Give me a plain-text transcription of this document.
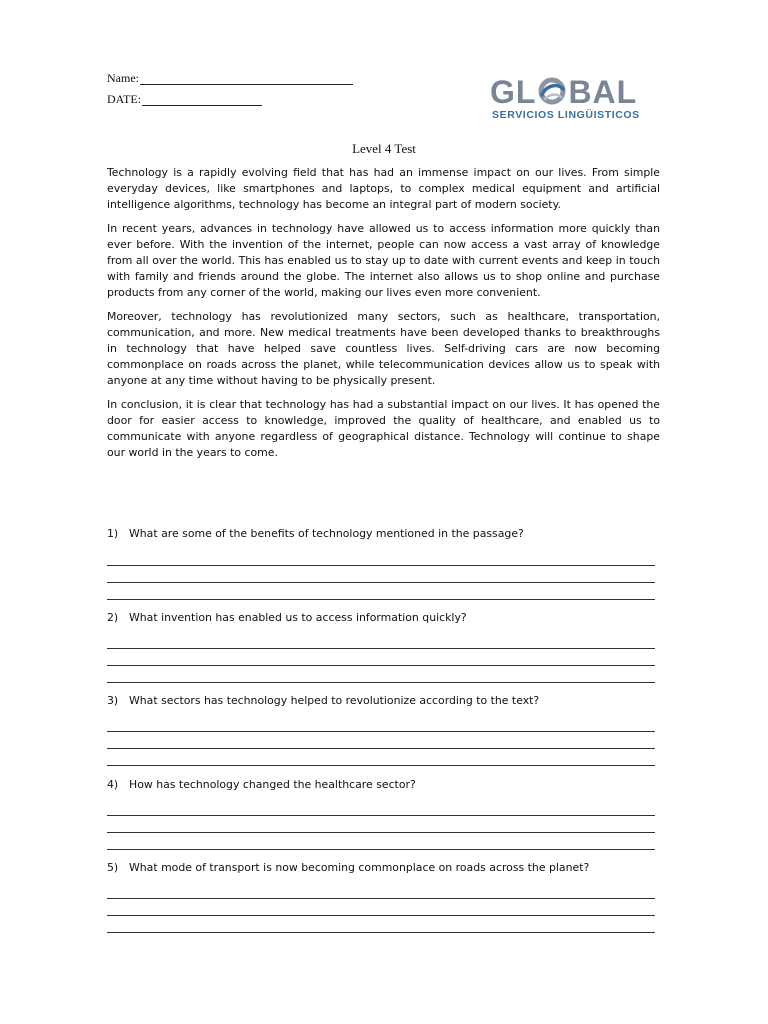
Name:
DATE:	GL BAL
SERVICIOS LINGÜISTICOS
Level 4 Test

Technology is a rapidly evolving field that has had an immense impact on our lives. From simple everyday devices, like smartphones and laptops, to complex medical equipment and artificial intelligence algorithms, technology has become an integral part of modern society.

In recent years, advances in technology have allowed us to access information more quickly than ever before. With the invention of the internet, people can now access a vast array of knowledge from all over the world. This has enabled us to stay up to date with current events and keep in touch with family and friends around the globe. The internet also allows us to shop online and purchase products from any corner of the world, making our lives even more convenient.

Moreover, technology has revolutionized many sectors, such as healthcare, transportation, communication, and more. New medical treatments have been developed thanks to breakthroughs in technology that have helped save countless lives. Self-driving cars are now becoming commonplace on roads across the planet, while telecommunication devices allow us to speak with anyone at any time without having to be physically present.

In conclusion, it is clear that technology has had a substantial impact on our lives. It has opened the door for easier access to knowledge, improved the quality of healthcare, and enabled us to communicate with anyone regardless of geographical distance. Technology will continue to shape our world in the years to come.

1) What are some of the benefits of technology mentioned in the passage?
2) What invention has enabled us to access information quickly?
3) What sectors has technology helped to revolutionize according to the text?
4) How has technology changed the healthcare sector?
5) What mode of transport is now becoming commonplace on roads across the planet?
